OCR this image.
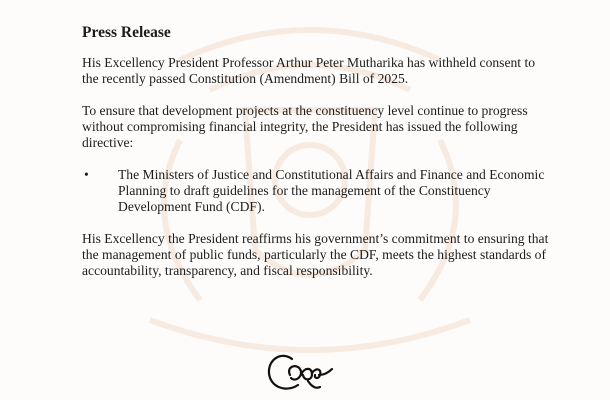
Press Release

His Excellency President Professor Arthur Peter Mutharika has withheld consent to the recently passed Constitution (Amendment) Bill of 2025.

To ensure that development projects at the constituency level continue to progress without compromising financial integrity, the President has issued the following directive:

• The Ministers of Justice and Constitutional Affairs and Finance and Economic Planning to draft guidelines for the management of the Constituency Development Fund (CDF).

His Excellency the President reaffirms his government’s commitment to ensuring that the management of public funds, particularly the CDF, meets the highest standards of accountability, transparency, and fiscal responsibility.
